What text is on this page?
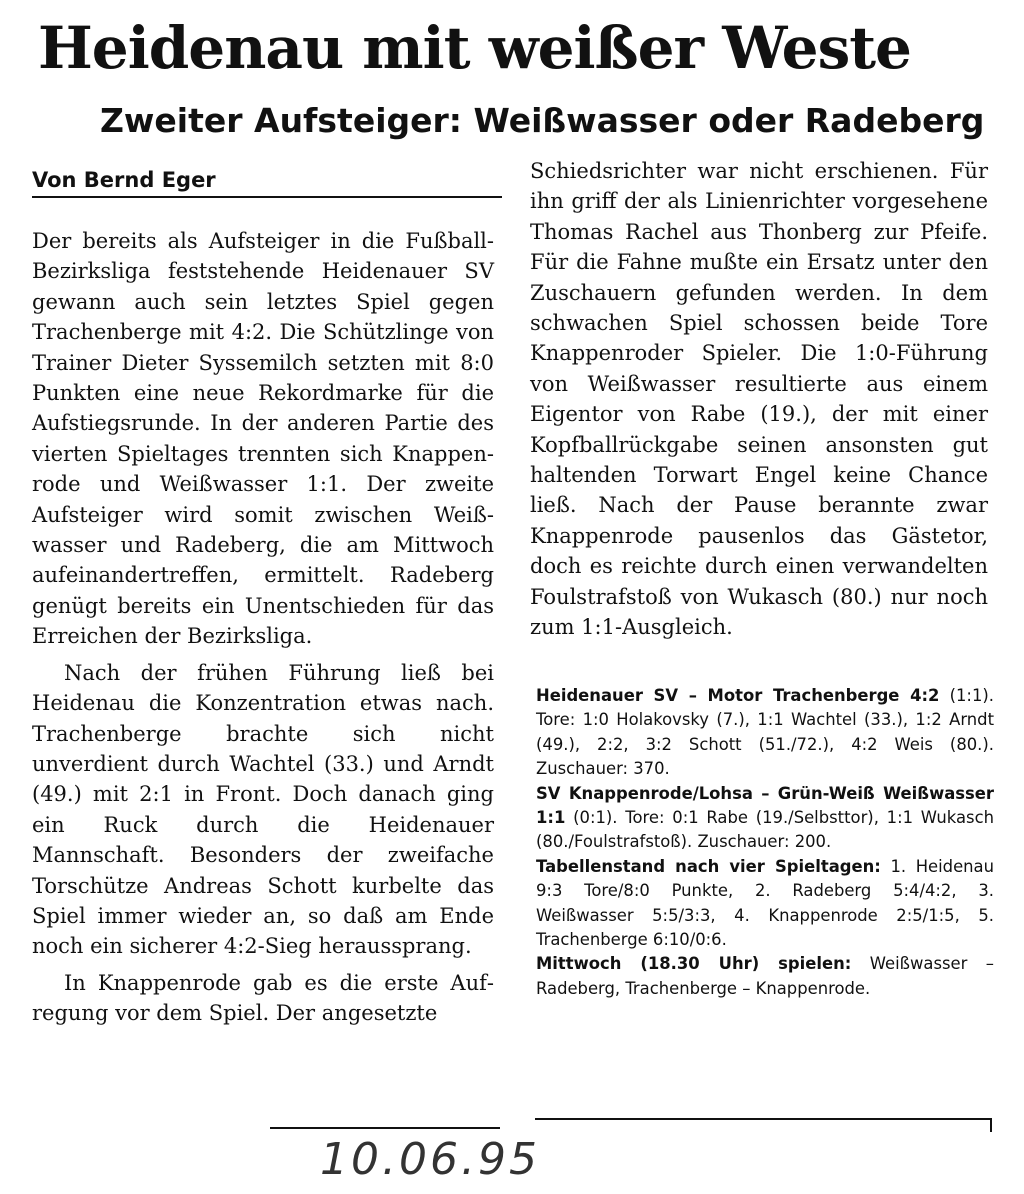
Heidenau mit weißer Weste
Zweiter Aufsteiger: Weißwasser oder Radeberg
Von Bernd Eger

Der bereits als Aufsteiger in die Fußball-Bezirksliga feststehende Heidenauer SV gewann auch sein letztes Spiel gegen Trachenberge mit 4:2. Die Schützlinge von Trainer Dieter Syssemilch setzten mit 8:0 Punkten eine neue Rekordmarke für die Aufstiegsrunde. In der anderen Partie des vierten Spieltages trennten sich Knappenrode und Weißwasser 1:1. Der zweite Aufsteiger wird somit zwischen Weißwasser und Radeberg, die am Mittwoch aufeinandertreffen, ermittelt. Radeberg genügt bereits ein Unentschieden für das Erreichen der Bezirksliga.

Nach der frühen Führung ließ bei Heidenau die Konzentration etwas nach. Trachenberge brachte sich nicht unverdient durch Wachtel (33.) und Arndt (49.) mit 2:1 in Front. Doch danach ging ein Ruck durch die Heidenauer Mannschaft. Besonders der zweifache Torschütze Andreas Schott kurbelte das Spiel immer wieder an, so daß am Ende noch ein sicherer 4:2-Sieg heraussprang.

In Knappenrode gab es die erste Aufregung vor dem Spiel. Der angesetzte

Schiedsrichter war nicht erschienen. Für ihn griff der als Linienrichter vorgesehene Thomas Rachel aus Thonberg zur Pfeife. Für die Fahne mußte ein Ersatz unter den Zuschauern gefunden werden. In dem schwachen Spiel schossen beide Tore Knappenroder Spieler. Die 1:0-Führung von Weißwasser resultierte aus einem Eigentor von Rabe (19.), der mit einer Kopfballrückgabe seinen ansonsten gut haltenden Torwart Engel keine Chance ließ. Nach der Pause berannte zwar Knappenrode pausenlos das Gästetor, doch es reichte durch einen verwandelten Foulstrafstoß von Wukasch (80.) nur noch zum 1:1-Ausgleich.

Heidenauer SV – Motor Trachenberge 4:2 (1:1). Tore: 1:0 Holakovsky (7.), 1:1 Wachtel (33.), 1:2 Arndt (49.), 2:2, 3:2 Schott (51./72.), 4:2 Weis (80.). Zuschauer: 370.

SV Knappenrode/Lohsa – Grün-Weiß Weißwasser 1:1 (0:1). Tore: 0:1 Rabe (19./Selbsttor), 1:1 Wukasch (80./Foulstrafstoß). Zuschauer: 200.

Tabellenstand nach vier Spieltagen: 1. Heidenau 9:3 Tore/8:0 Punkte, 2. Radeberg 5:4/4:2, 3. Weißwasser 5:5/3:3, 4. Knappenrode 2:5/1:5, 5. Trachenberge 6:10/0:6.

Mittwoch (18.30 Uhr) spielen: Weißwasser – Radeberg, Trachenberge – Knappenrode.

10.06.95
